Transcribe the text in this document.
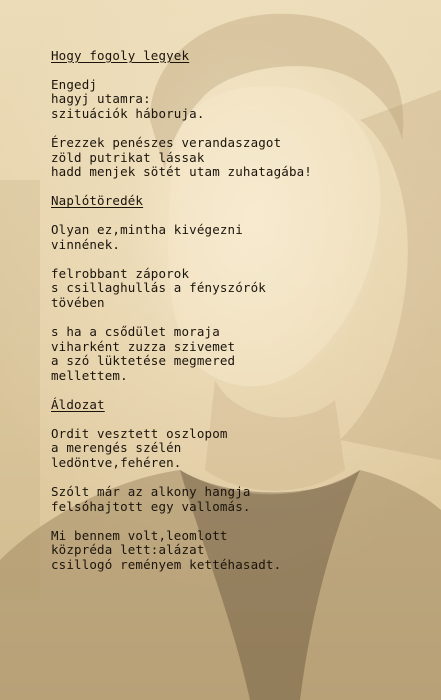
Hogy fogoly legyek
Engedj
hagyj utamra:
szituációk háboruja.
Érezzek penészes verandaszagot
zöld putrikat lássak
hadd menjek sötét utam zuhatagába!
Naplótöredék
Olyan ez,mintha kivégezni
vinnének.
felrobbant záporok
s csillaghullás a fényszórók
tövében
s ha a csődület moraja
viharként zuzza szivemet
a szó lüktetése megmered
mellettem.
Áldozat
Ordit vesztett oszlopom
a merengés szélén
ledöntve,fehéren.
Szólt már az alkony hangja
felsóhajtott egy vallomás.
Mi bennem volt,leomlott
közpréda lett:alázat
csillogó reményem kettéhasadt.
